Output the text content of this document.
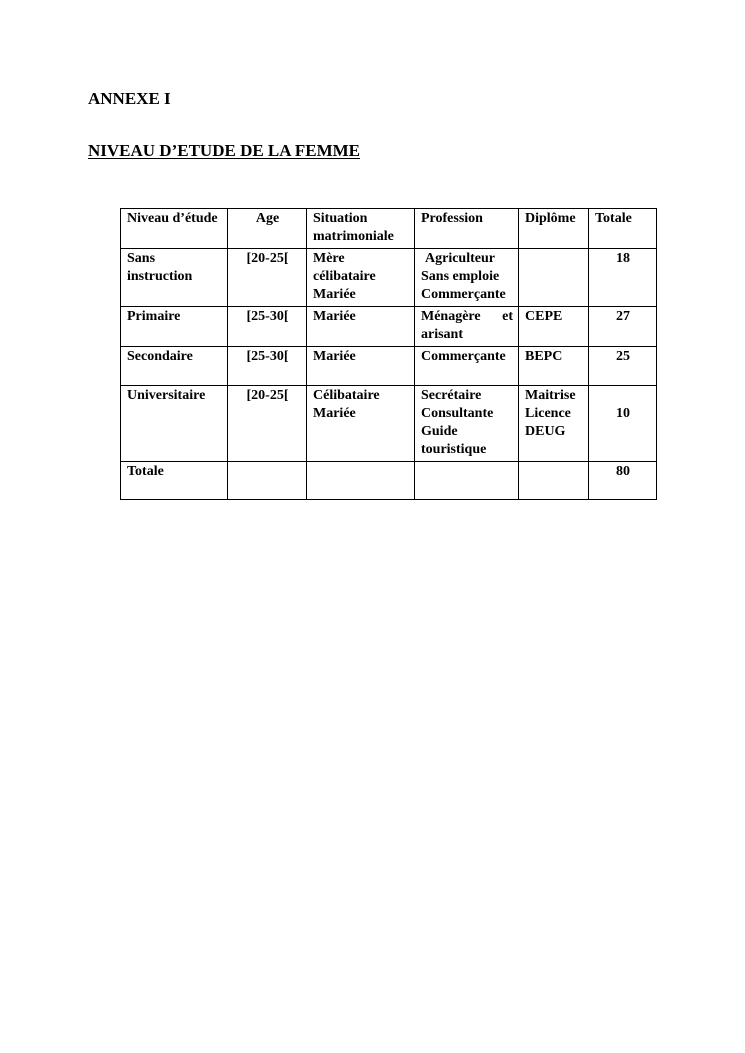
ANNEXE I
NIVEAU D’ETUDE DE LA FEMME
Niveau d’étude	Age	Situation matrimoniale	Profession	Diplôme	Totale

Sans
instruction	[20-25[	Mère
célibataire
Mariée	Agriculteur
Sans emploie
Commerçante		18
Primaire	[25-30[	Mariée	Ménagère et
arisant	CEPE	27
Secondaire	[25-30[	Mariée	Commerçante	BEPC	25
Universitaire	[20-25[	Célibataire
Mariée	Secrétaire
Consultante
Guide
touristique	Maitrise
Licence
DEUG	10

Totale					80
